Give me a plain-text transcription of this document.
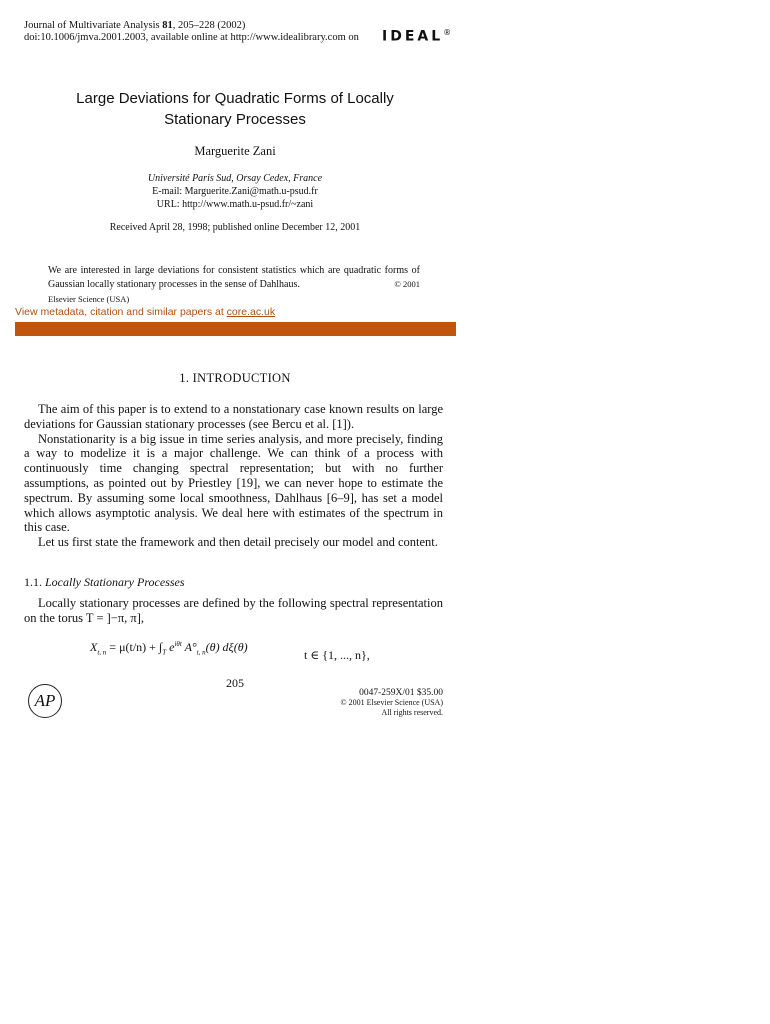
Journal of Multivariate Analysis 81, 205–228 (2002)
doi:10.1006/jmva.2001.2003, available online at http://www.idealibrary.com on IDEAL®
Large Deviations for Quadratic Forms of Locally
Stationary Processes
Marguerite Zani
Université Paris Sud, Orsay Cedex, France
E-mail: Marguerite.Zani@math.u-psud.fr
URL: http://www.math.u-psud.fr/~zani
Received April 28, 1998; published online December 12, 2001
We are interested in large deviations for consistent statistics which are quadratic forms of Gaussian locally stationary processes in the sense of Dahlhaus.	© 2001
Elsevier Science (USA)
View metadata, citation and similar papers at core.ac.uk
1. INTRODUCTION

The aim of this paper is to extend to a nonstationary case known results on large deviations for Gaussian stationary processes (see Bercu et al. [1]).

Nonstationarity is a big issue in time series analysis, and more precisely, finding a way to modelize it is a major challenge. We can think of a process with continuously time changing spectral representation; but with no further assumptions, as pointed out by Priestley [19], we can never hope to estimate the spectrum. By assuming some local smoothness, Dahlhaus [6–9], has set a model which allows asymptotic analysis. We deal here with estimates of the spectrum in this case.

Let us first state the framework and then detail precisely our model and content.

1.1. Locally Stationary Processes

Locally stationary processes are defined by the following spectral representation on the torus T = ]−π, π],

$X_{t, n} = \mu(t/n) + \int_T$ $e^{i\theta t}$ $A^\circ_{t, n}(\theta)$ dξ(θ)
t ∈ {1, ..., n},
205
AP	0047-259X/01 $35.00
© 2001 Elsevier Science (USA)
All rights reserved.
